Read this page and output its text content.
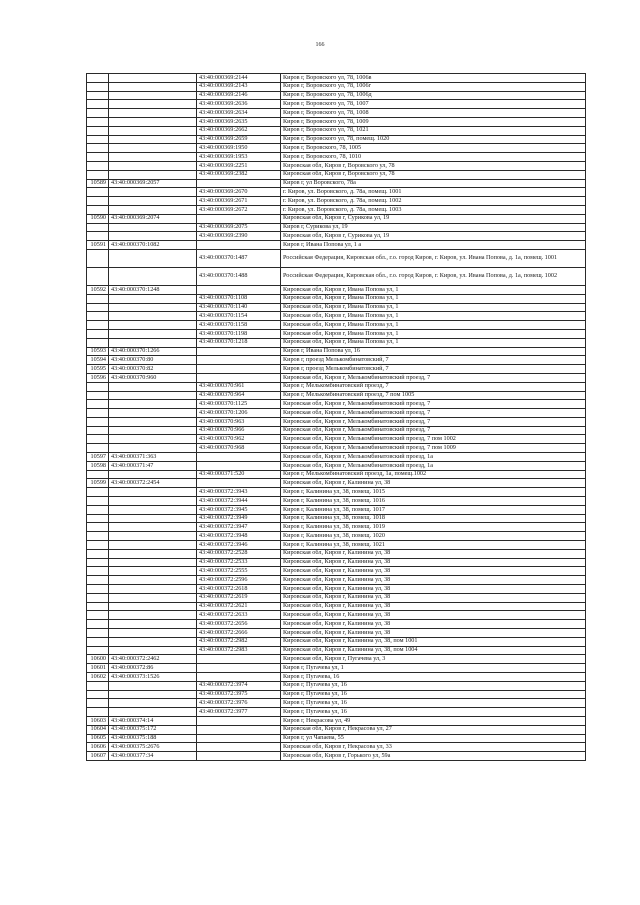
166
		43:40:000369:2144	Киров г, Воровского ул, 78, 1006в
		43:40:000369:2143	Киров г, Воровского ул, 78, 1006г
		43:40:000369:2146	Киров г, Воровского ул, 78, 1006д
		43:40:000369:2636	Киров г, Воровского ул, 78, 1007
		43:40:000369:2634	Киров г, Воровского ул, 78, 1008
		43:40:000369:2635	Киров г, Воровского ул, 78, 1009
		43:40:000369:2662	Киров г, Воровского ул, 78, 1021
		43:40:000369:2659	Киров г, Воровского ул, 78, помещ. 1020
		43:40:000369:1950	Киров г, Воровского, 78, 1005
		43:40:000369:1953	Киров г, Воровского, 78, 1010
		43:40:000369:2251	Кировская обл, Киров г, Воровского ул, 78
		43:40:000369:2382	Кировская обл, Киров г, Воровского ул, 78
10589	43:40:000369:2057		Киров г, ул Воровского, 78а
		43:40:000369:2670	г. Киров, ул. Воровского, д. 78а, помещ. 1001
		43:40:000369:2671	г. Киров, ул. Воровского, д. 78а, помещ. 1002
		43:40:000369:2672	г. Киров, ул. Воровского, д. 78а, помещ. 1003
10590	43:40:000369:2074		Кировская обл, Киров г, Сурикова ул, 19
		43:40:000369:2075	Киров г, Сурикова ул, 19
		43:40:000369:2390	Кировская обл, Киров г, Сурикова ул, 19
10591	43:40:000370:1082		Киров г, Ивана Попова ул, 1 а
		43:40:000370:1487	Российская Федерация, Кировская обл., г.о. город Киров, г. Киров, ул. Ивана Попова, д. 1а, помещ. 1001
		43:40:000370:1488	Российская Федерация, Кировская обл., г.о. город Киров, г. Киров, ул. Ивана Попова, д. 1а, помещ. 1002
10592	43:40:000370:1248		Кировская обл, Киров г, Ивана Попова ул, 1
		43:40:000370:1108	Кировская обл, Киров г, Ивана Попова ул, 1
		43:40:000370:1140	Кировская обл, Киров г, Ивана Попова ул, 1
		43:40:000370:1154	Кировская обл, Киров г, Ивана Попова ул, 1
		43:40:000370:1158	Кировская обл, Киров г, Ивана Попова ул, 1
		43:40:000370:1198	Кировская обл, Киров г, Ивана Попова ул, 1
		43:40:000370:1218	Кировская обл, Киров г, Ивана Попова ул, 1
10593	43:40:000370:1266		Киров г, Ивана Попова ул, 16
10594	43:40:000370:80		Киров г, проезд Мелькомбинатовский, 7
10595	43:40:000370:82		Киров г, проезд Мелькомбинатовский, 7
10596	43:40:000370:960		Кировская обл, Киров г, Мелькомбинатовский проезд, 7
		43:40:000370:961	Киров г, Мелькомбинатовский проезд, 7
		43:40:000370:964	Киров г, Мелькомбинатовский проезд, 7 пом 1005
		43:40:000370:1125	Кировская обл, Киров г, Мелькомбинатовский проезд, 7
		43:40:000370:1206	Кировская обл, Киров г, Мелькомбинатовский проезд, 7
		43:40:000370:963	Кировская обл, Киров г, Мелькомбинатовский проезд, 7
		43:40:000370:966	Кировская обл, Киров г, Мелькомбинатовский проезд, 7
		43:40:000370:962	Кировская обл, Киров г, Мелькомбинатовский проезд, 7 пом 1002
		43:40:000370:968	Кировская обл, Киров г, Мелькомбинатовский проезд, 7 пом 1009
10597	43:40:000371:363		Кировская обл, Киров г, Мелькомбинатовский проезд, 1а
10598	43:40:000371:47		Кировская обл, Киров г, Мелькомбинатовский проезд, 1а
		43:40:000371:520	Киров г, Мелькомбинатовский проезд, 1а, помещ.1002
10599	43:40:000372:2454		Кировская обл, Киров г, Калинина ул, 38
		43:40:000372:3943	Киров г, Калинина ул, 38, помещ. 1015
		43:40:000372:3944	Киров г, Калинина ул, 38, помещ. 1016
		43:40:000372:3945	Киров г, Калинина ул, 38, помещ. 1017
		43:40:000372:3949	Киров г, Калинина ул, 38, помещ. 1018
		43:40:000372:3947	Киров г, Калинина ул, 38, помещ. 1019
		43:40:000372:3948	Киров г, Калинина ул, 38, помещ. 1020
		43:40:000372:3946	Киров г, Калинина ул, 38, помещ. 1021
		43:40:000372:2528	Кировская обл, Киров г, Калинина ул, 38
		43:40:000372:2533	Кировская обл, Киров г, Калинина ул, 38
		43:40:000372:2555	Кировская обл, Киров г, Калинина ул, 38
		43:40:000372:2596	Кировская обл, Киров г, Калинина ул, 38
		43:40:000372:2618	Кировская обл, Киров г, Калинина ул, 38
		43:40:000372:2619	Кировская обл, Киров г, Калинина ул, 38
		43:40:000372:2621	Кировская обл, Киров г, Калинина ул, 38
		43:40:000372:2633	Кировская обл, Киров г, Калинина ул, 38
		43:40:000372:2656	Кировская обл, Киров г, Калинина ул, 38
		43:40:000372:2666	Кировская обл, Киров г, Калинина ул, 38
		43:40:000372:2982	Кировская обл, Киров г, Калинина ул, 38, пом 1001
		43:40:000372:2983	Кировская обл, Киров г, Калинина ул, 38, пом 1004
10600	43:40:000372:2462		Кировская обл, Киров г, Пугачева ул, 3
10601	43:40:000372:86		Киров г, Пугачева ул, 1
10602	43:40:000373:1526		Киров г, Пугачева, 16
		43:40:000372:3974	Киров г, Пугачева ул, 16
		43:40:000372:3975	Киров г, Пугачева ул, 16
		43:40:000372:3976	Киров г, Пугачева ул, 16
		43:40:000372:3977	Киров г, Пугачева ул, 16
10603	43:40:000374:14		Киров г, Некрасова ул, 49
10604	43:40:000375:172		Кировская обл, Киров г, Некрасова ул, 27
10605	43:40:000375:188		Киров г, ул Чапаева, 55
10606	43:40:000375:2676		Кировская обл, Киров г, Некрасова ул, 33
10607	43:40:000377:34		Кировская обл, Киров г, Горького ул, 59а
